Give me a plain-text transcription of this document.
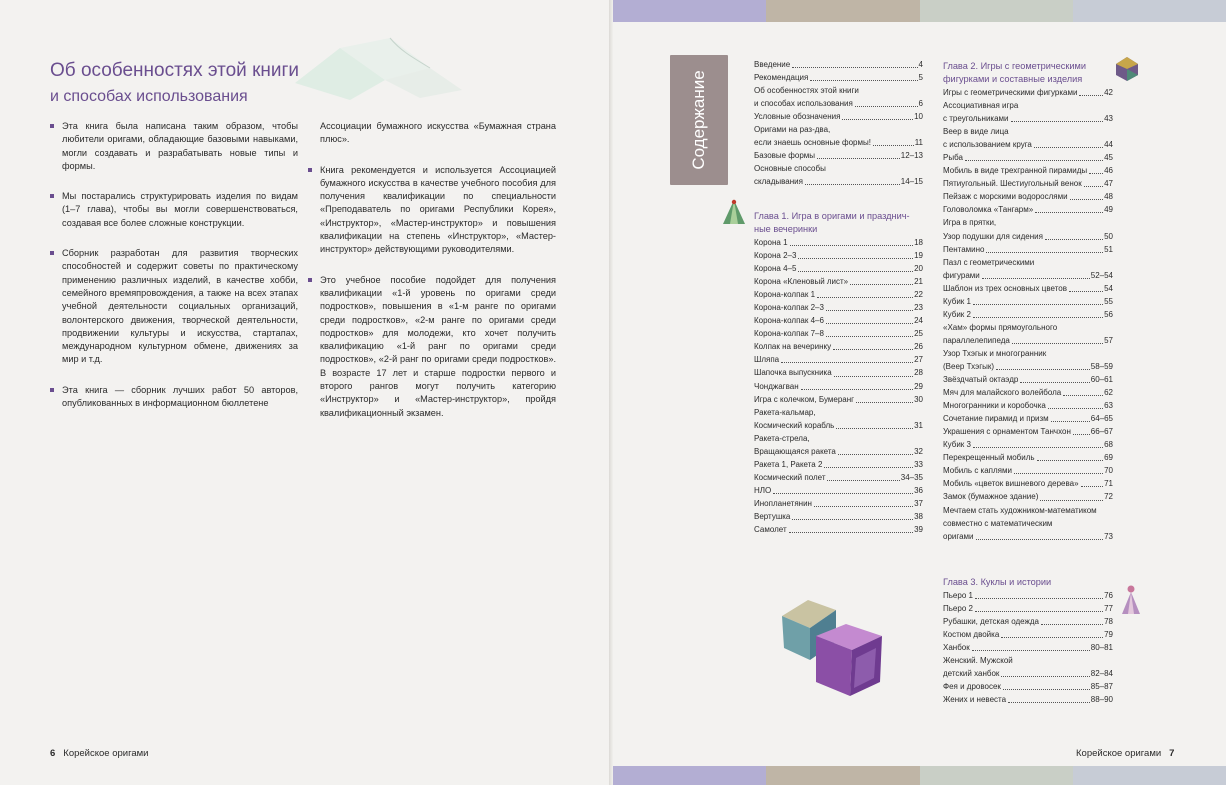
Об особенностях этой книги
и способах использования

Эта книга была написана таким образом, чтобы любители оригами, обладающие базовыми навыками, могли создавать и разрабатывать новые типы и формы.

Мы постарались структурировать изделия по видам (1–7 глава), чтобы вы могли совершенствоваться, создавая все более сложные конструкции.

Сборник разработан для развития творческих способностей и содержит советы по практическому применению различных изделий, в качестве хобби, семейного времяпровождения, а также на всех этапах учебной деятельности социальных организаций, волонтерского движения, творческой деятельности, продвижении культуры и искусства, стартапах, международном культурном обмене, движениях за мир и т.д.

Эта книга — сборник лучших работ 50 авторов, опубликованных в информационном бюллетене

Ассоциации бумажного искусства «Бумажная страна плюс».

Книга рекомендуется и используется Ассоциацией бумажного искусства в качестве учебного пособия для получения квалификации по специальности «Преподаватель по оригами Республики Корея», «Инструктор», «Мастер-инструктор» и повышения квалификации на степень «Инструктор», «Мастер-инструктор» действующими руководителями.

Это учебное пособие подойдет для получения квалификации «1-й уровень по оригами среди подростков», повышения в «1-м ранге по оригами среди подростков», «2-м ранге по оригами среди подростков» для молодежи, кто хочет получить квалификацию «1-й ранг по оригами среди подростков», «2-й ранг по оригами среди подростков». В возрасте 17 лет и старше подростки первого и второго рангов могут получить категорию «Инструктор» и «Мастер-инструктор», пройдя квалификационный экзамен.

6 Корейское оригами
Содержание
Введение	4
Рекомендация	5
Об особенностях этой книги
и способах использования	6
Условные обозначения	10
Оригами на раз-два,
если знаешь основные формы!	11
Базовые формы	12–13
Основные способы
складывания	14–15
Глава 1. Игра в оригами и празднич-
ные вечеринки
Корона 1	18
Корона 2–3	19
Корона 4–5	20
Корона «Кленовый лист»	21
Корона-колпак 1	22
Корона-колпак 2–3	23
Корона-колпак 4–6	24
Корона-колпак 7–8	25
Колпак на вечеринку	26
Шляпа	27
Шапочка выпускника	28
Чонджагван	29
Игра с колечком, Бумеранг	30
Ракета-кальмар,
Космический корабль	31
Ракета-стрела,
Вращающаяся ракета	32
Ракета 1, Ракета 2	33
Космический полет	34–35
НЛО	36
Инопланетянин	37
Вертушка	38
Самолет	39
Глава 2. Игры с геометрическими
фигурками и составные изделия
Игры с геометрическими фигурками	42
Ассоциативная игра
с треугольниками	43
Веер в виде лица
с использованием круга	44
Рыба	45
Мобиль в виде трехгранной пирамиды 46
Пятиугольный. Шестиугольный венок	47
Пейзаж с морскими водорослями	48
Головоломка «Тангарм»	49
Игра в прятки,
Узор подушки для сидения	50
Пентамино	51
Пазл с геометрическими
фигурами	52–54
Шаблон из трех основных цветов	54
Кубик 1	55
Кубик 2	56
«Хам» формы прямоугольного
параллелепипеда	57
Узор Тхэгык и многогранник
(Веер Тхэгык)	58–59
Звёздчатый октаэдр	60–61
Мяч для малайского волейбола	62
Многогранники и коробочка	63
Сочетание пирамид и призм	64–65
Украшения с орнаментом Танчхон 66–67
Кубик 3	68
Перекрещенный мобиль	69
Мобиль с каплями	70
Мобиль «цветок вишневого дерева»	71
Замок (бумажное здание)	72
Мечтаем стать художником-математиком
совместно с математическим
оригами	73
Глава 3. Куклы и истории
Пьеро 1	76
Пьеро 2	77
Рубашки, детская одежда	78
Костюм двойка	79
Ханбок	80–81
Женский. Мужской
детский ханбок	82–84
Фея и дровосек	85–87
Жених и невеста	88–90
Корейское оригами 7
